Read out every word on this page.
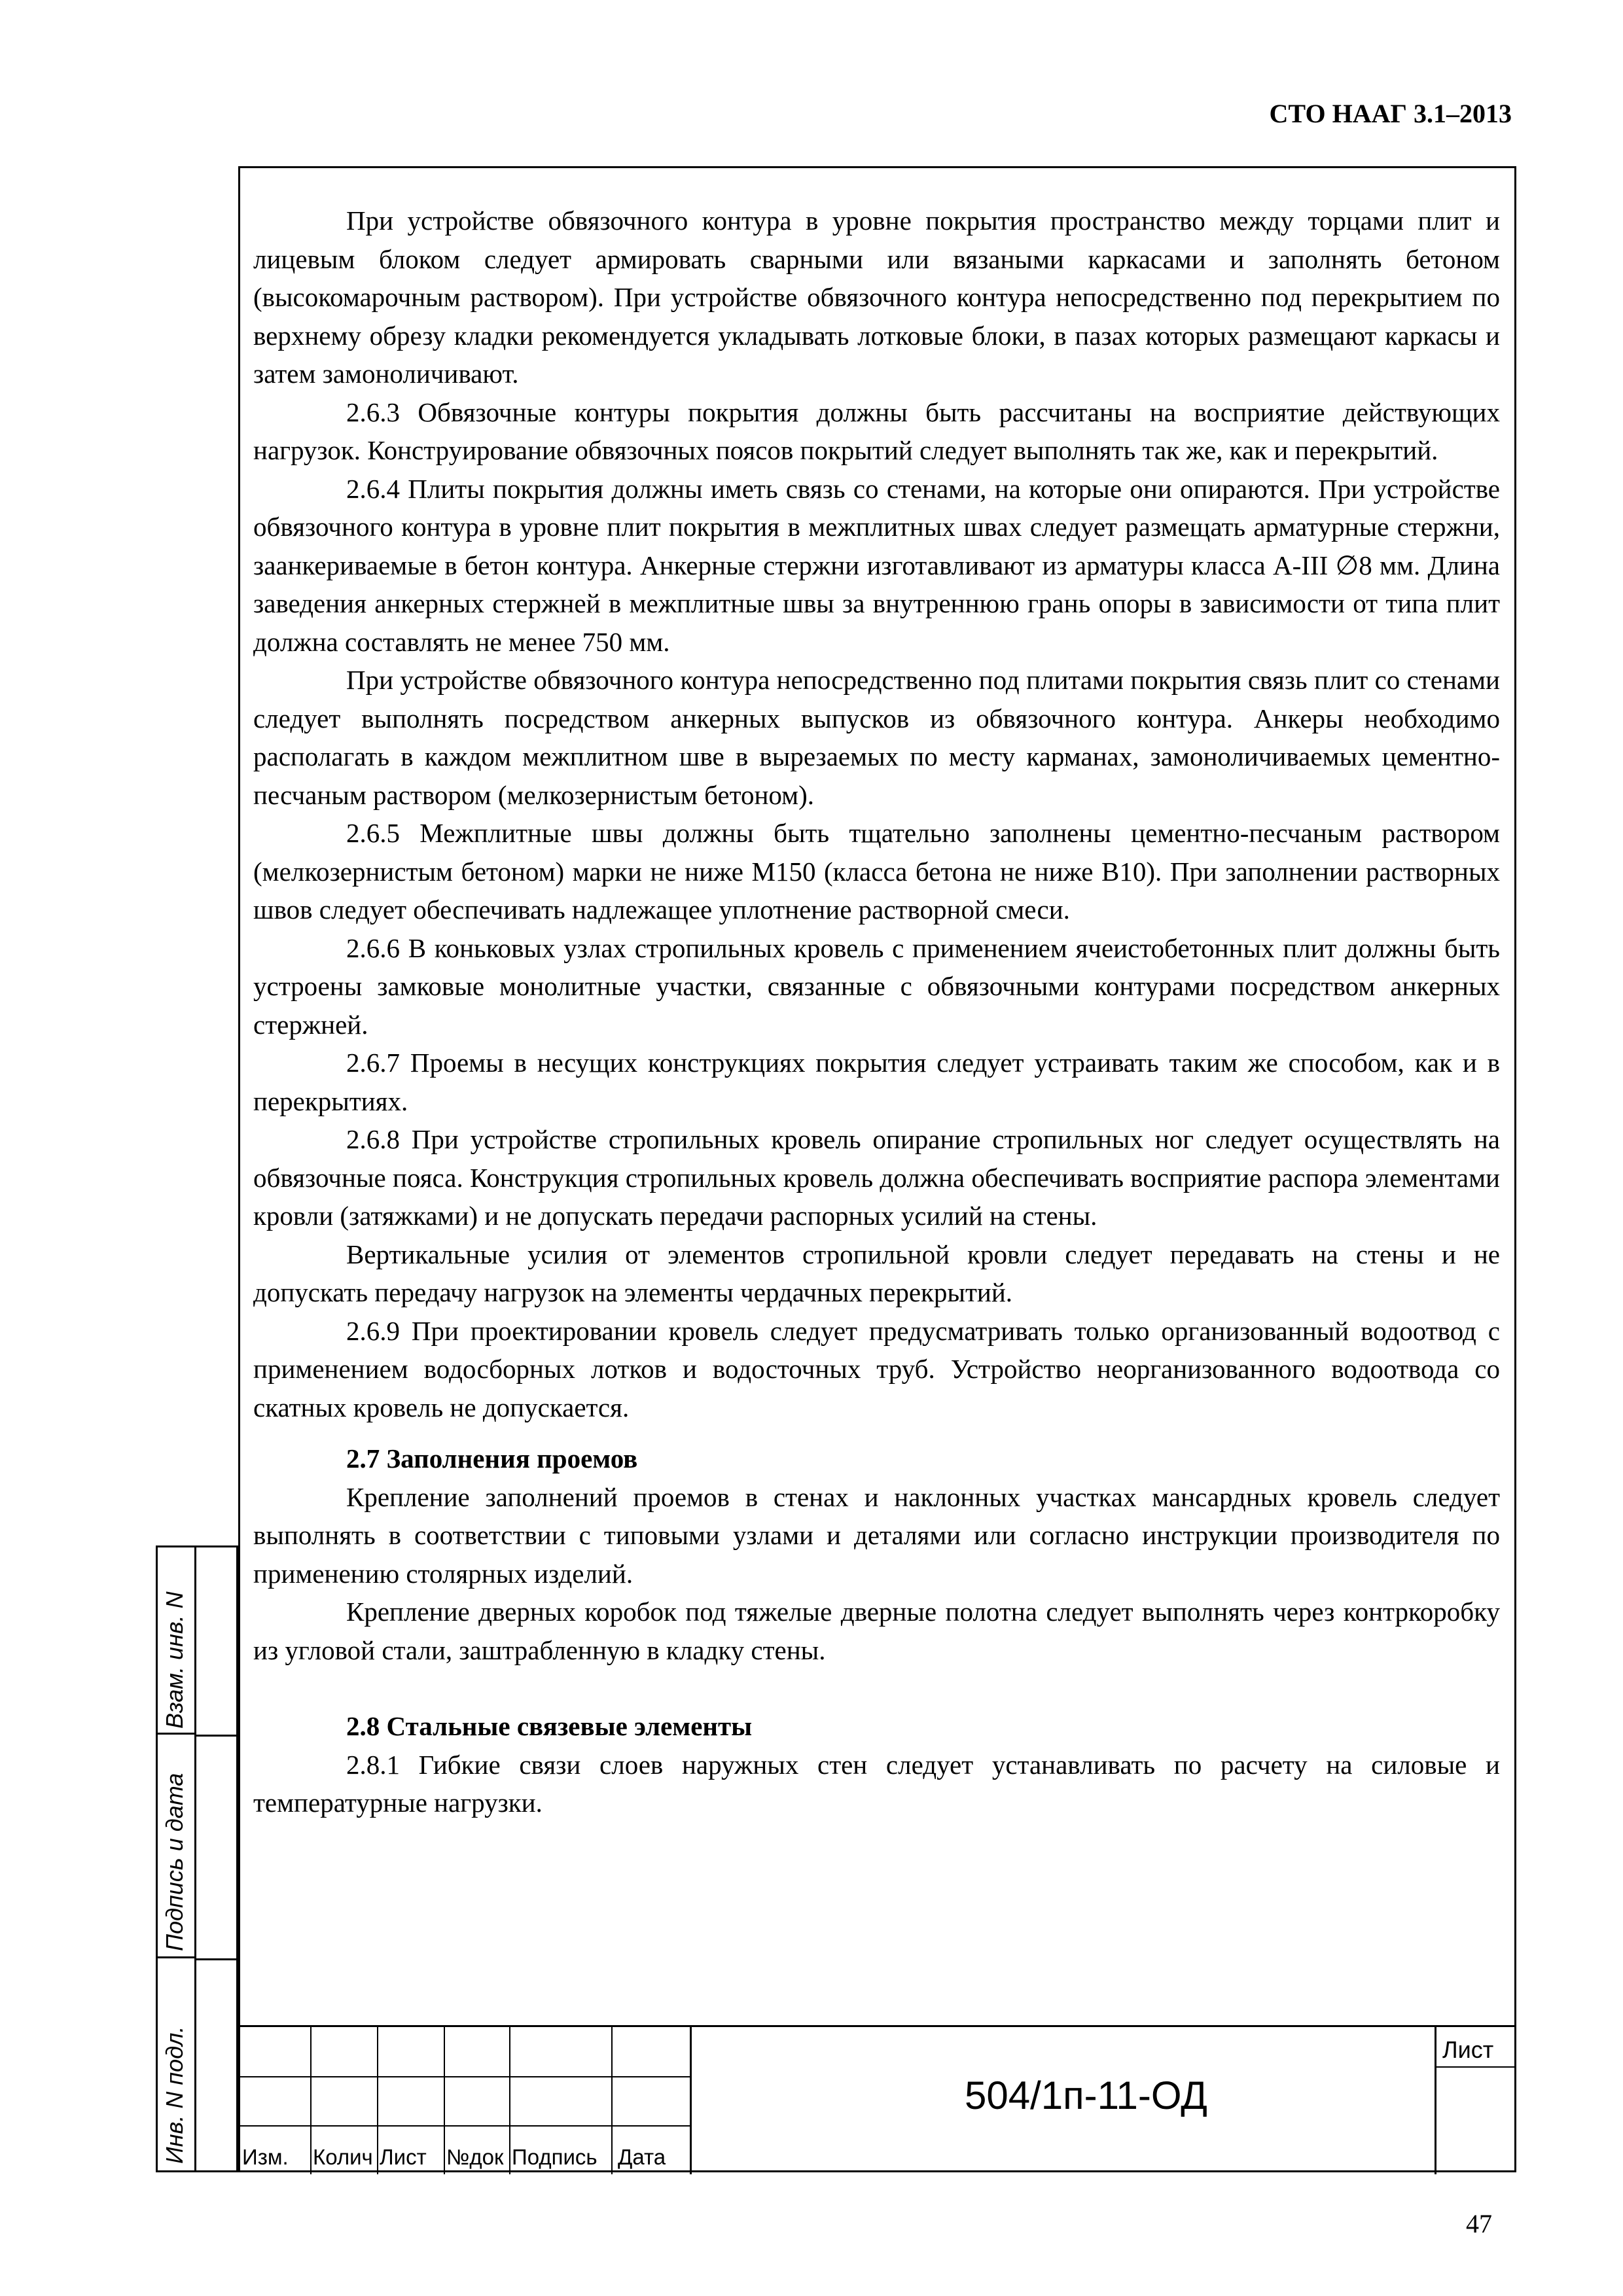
СТО НААГ 3.1–2013

При устройстве обвязочного контура в уровне покрытия пространство между торцами плит и лицевым блоком следует армировать сварными или вязаными каркасами и заполнять бетоном (высокомарочным раствором). При устройстве обвязочного контура непосредственно под перекрытием по верхнему обрезу кладки рекомендуется укладывать лотковые блоки, в пазах которых размещают каркасы и затем замоноличивают.

2.6.3 Обвязочные контуры покрытия должны быть рассчитаны на восприятие действующих нагрузок. Конструирование обвязочных поясов покрытий следует выполнять так же, как и перекрытий.

2.6.4 Плиты покрытия должны иметь связь со стенами, на которые они опираются. При устройстве обвязочного контура в уровне плит покрытия в межплитных швах следует размещать арматурные стержни, заанкериваемые в бетон контура. Анкерные стержни изготавливают из арматуры класса А-III ∅8 мм. Длина заведения анкерных стержней в межплитные швы за внутреннюю грань опоры в зависимости от типа плит должна составлять не менее 750 мм.

При устройстве обвязочного контура непосредственно под плитами покрытия связь плит со стенами следует выполнять посредством анкерных выпусков из обвязочного контура. Анкеры необходимо располагать в каждом межплитном шве в вырезаемых по месту карманах, замоноличиваемых цементно-песчаным раствором (мелкозернистым бетоном).

2.6.5 Межплитные швы должны быть тщательно заполнены цементно-песчаным раствором (мелкозернистым бетоном) марки не ниже М150 (класса бетона не ниже В10). При заполнении растворных швов следует обеспечивать надлежащее уплотнение растворной смеси.

2.6.6 В коньковых узлах стропильных кровель с применением ячеистобетонных плит должны быть устроены замковые монолитные участки, связанные с обвязочными контурами посредством анкерных стержней.

2.6.7 Проемы в несущих конструкциях покрытия следует устраивать таким же способом, как и в перекрытиях.

2.6.8 При устройстве стропильных кровель опирание стропильных ног следует осуществлять на обвязочные пояса. Конструкция стропильных кровель должна обеспечивать восприятие распора элементами кровли (затяжками) и не допускать передачи распорных усилий на стены.

Вертикальные усилия от элементов стропильной кровли следует передавать на стены и не допускать передачу нагрузок на элементы чердачных перекрытий.

2.6.9 При проектировании кровель следует предусматривать только организованный водоотвод с применением водосборных лотков и водосточных труб. Устройство неорганизованного водоотвода со скатных кровель не допускается.

2.7 Заполнения проемов

Крепление заполнений проемов в стенах и наклонных участках мансардных кровель следует выполнять в соответствии с типовыми узлами и деталями или согласно инструкции производителя по применению столярных изделий.

Крепление дверных коробок под тяжелые дверные полотна следует выполнять через контркоробку из угловой стали, заштрабленную в кладку стены.

2.8 Стальные связевые элементы

2.8.1 Гибкие связи слоев наружных стен следует устанавливать по расчету на силовые и температурные нагрузки.

Инв. N подл.
Подпись и дата
Взам. инв. N
Изм. Колич Лист №док Подпись Дата
504/1п-11-ОД
Лист
47
